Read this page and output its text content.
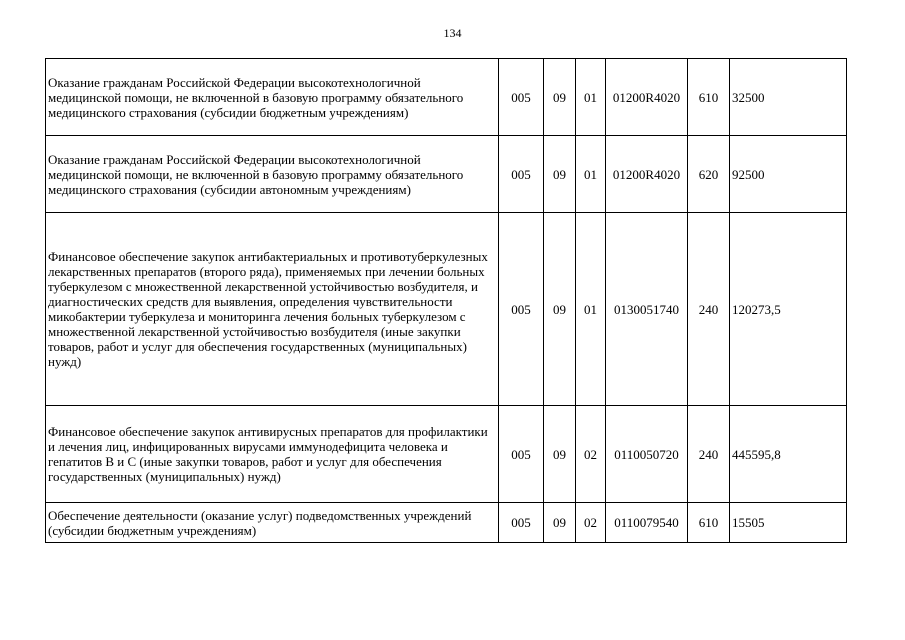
134
Оказание гражданам Российской Федерации высокотехнологичной медицинской помощи, не включенной в базовую программу обязательного медицинского страхования (субсидии бюджетным учреждениям)	005	09	01	01200R4020	610	32500
Оказание гражданам Российской Федерации высокотехнологичной медицинской помощи, не включенной в базовую программу обязательного медицинского страхования (субсидии автономным учреждениям)	005	09	01	01200R4020	620	92500
Финансовое обеспечение закупок антибактериальных и противотуберкулезных лекарственных препаратов (второго ряда), применяемых при лечении больных туберкулезом с множественной лекарственной устойчивостью возбудителя, и диагностических средств для выявления, определения чувствительности микобактерии туберкулеза и мониторинга лечения больных туберкулезом с множественной лекарственной устойчивостью возбудителя (иные закупки товаров, работ и услуг для обеспечения государственных (муниципальных) нужд)	005	09	01	0130051740	240	120273,5
Финансовое обеспечение закупок антивирусных препаратов для профилактики и лечения лиц, инфицированных вирусами иммунодефицита человека и гепатитов В и С (иные закупки товаров, работ и услуг для обеспечения государственных (муниципальных) нужд)	005	09	02	0110050720	240	445595,8
Обеспечение деятельности (оказание услуг) подведомственных учреждений (субсидии бюджетным учреждениям)	005	09	02	0110079540	610	15505
